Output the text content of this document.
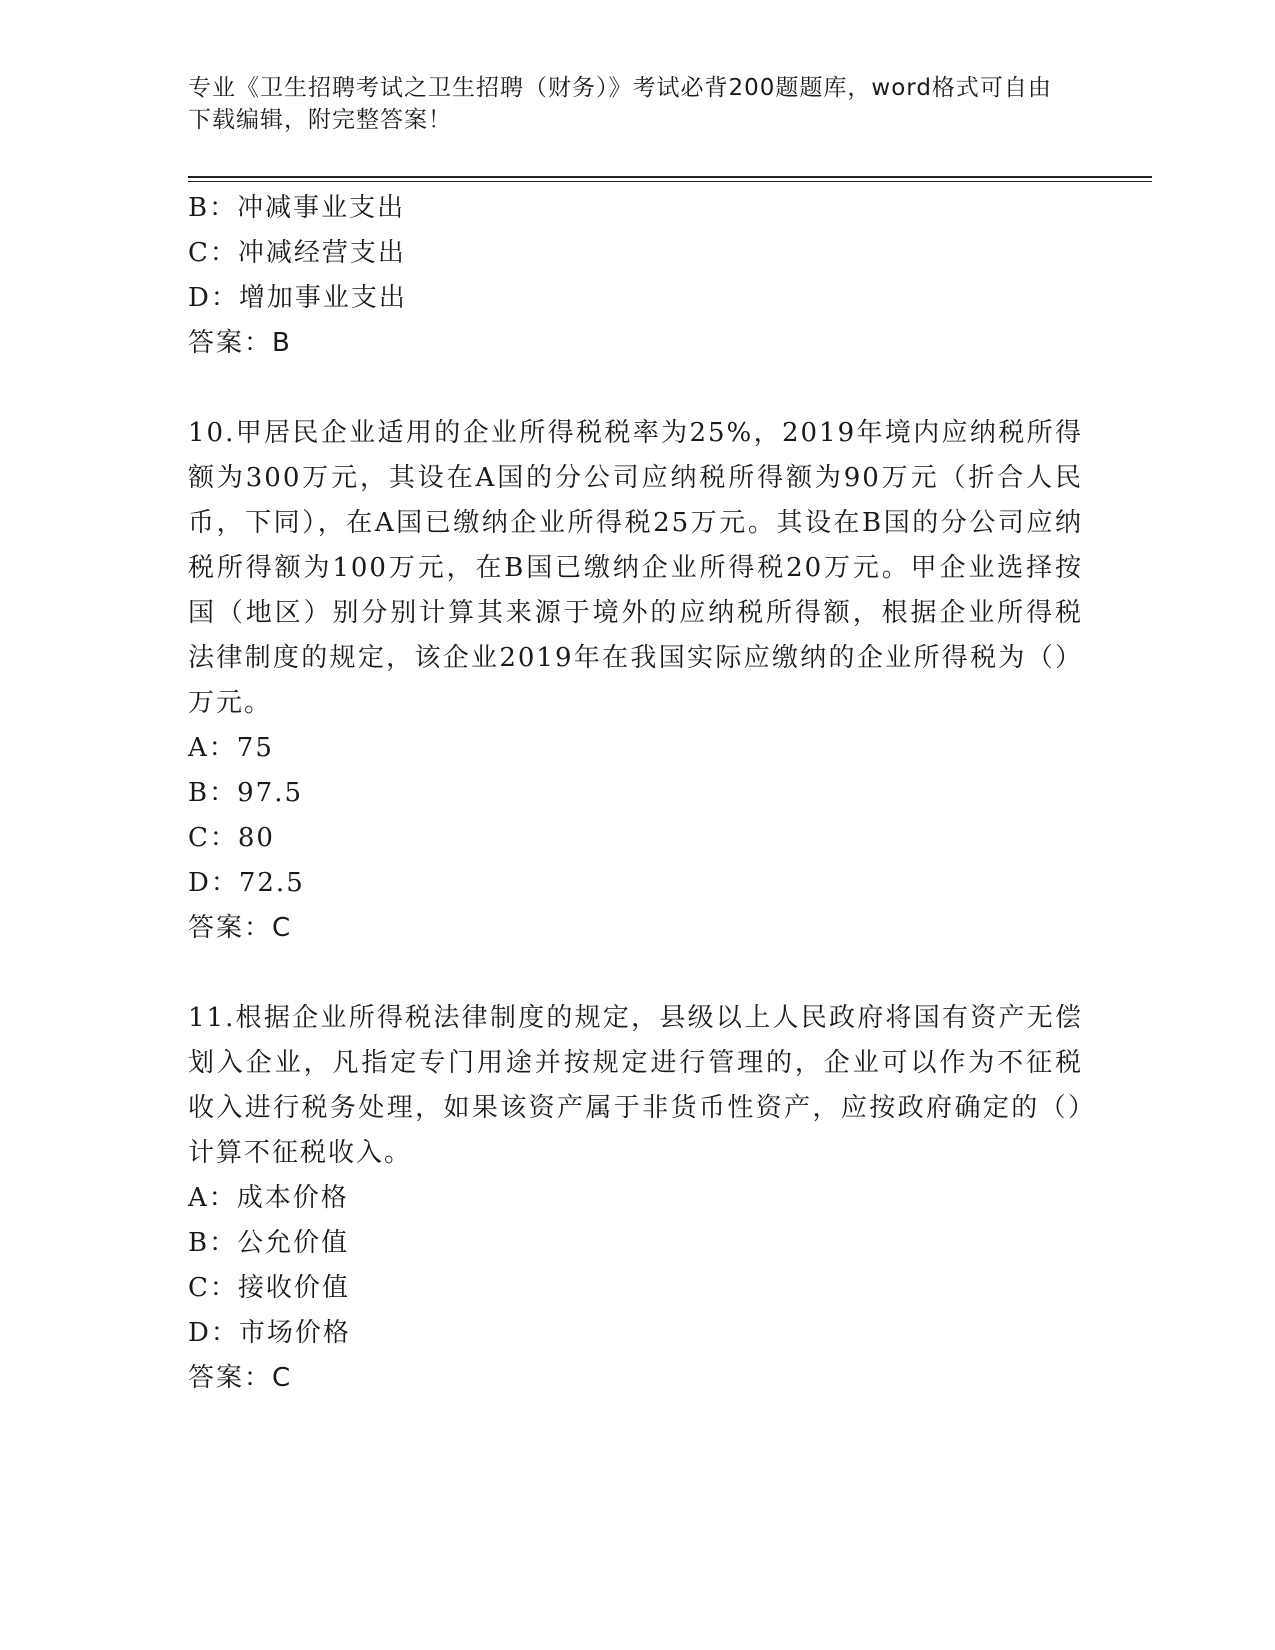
专业《卫生招聘考试之卫生招聘（财务）》考试必背200题题库，word格式可自由下载编辑，附完整答案！

B：冲减事业支出

C：冲减经营支出

D：增加事业支出

答案：B

10.甲居民企业适用的企业所得税税率为25%，2019年境内应纳税所得额为300万元，其设在A国的分公司应纳税所得额为90万元（折合人民币，下同），在A国已缴纳企业所得税25万元。其设在B国的分公司应纳税所得额为100万元，在B国已缴纳企业所得税20万元。甲企业选择按国（地区）别分别计算其来源于境外的应纳税所得额，根据企业所得税法律制度的规定，该企业2019年在我国实际应缴纳的企业所得税为（）万元。

A：75

B：97.5

C：80

D：72.5

答案：C

11.根据企业所得税法律制度的规定，县级以上人民政府将国有资产无偿划入企业，凡指定专门用途并按规定进行管理的，企业可以作为不征税收入进行税务处理，如果该资产属于非货币性资产，应按政府确定的（）计算不征税收入。

A：成本价格

B：公允价值

C：接收价值

D：市场价格

答案：C
